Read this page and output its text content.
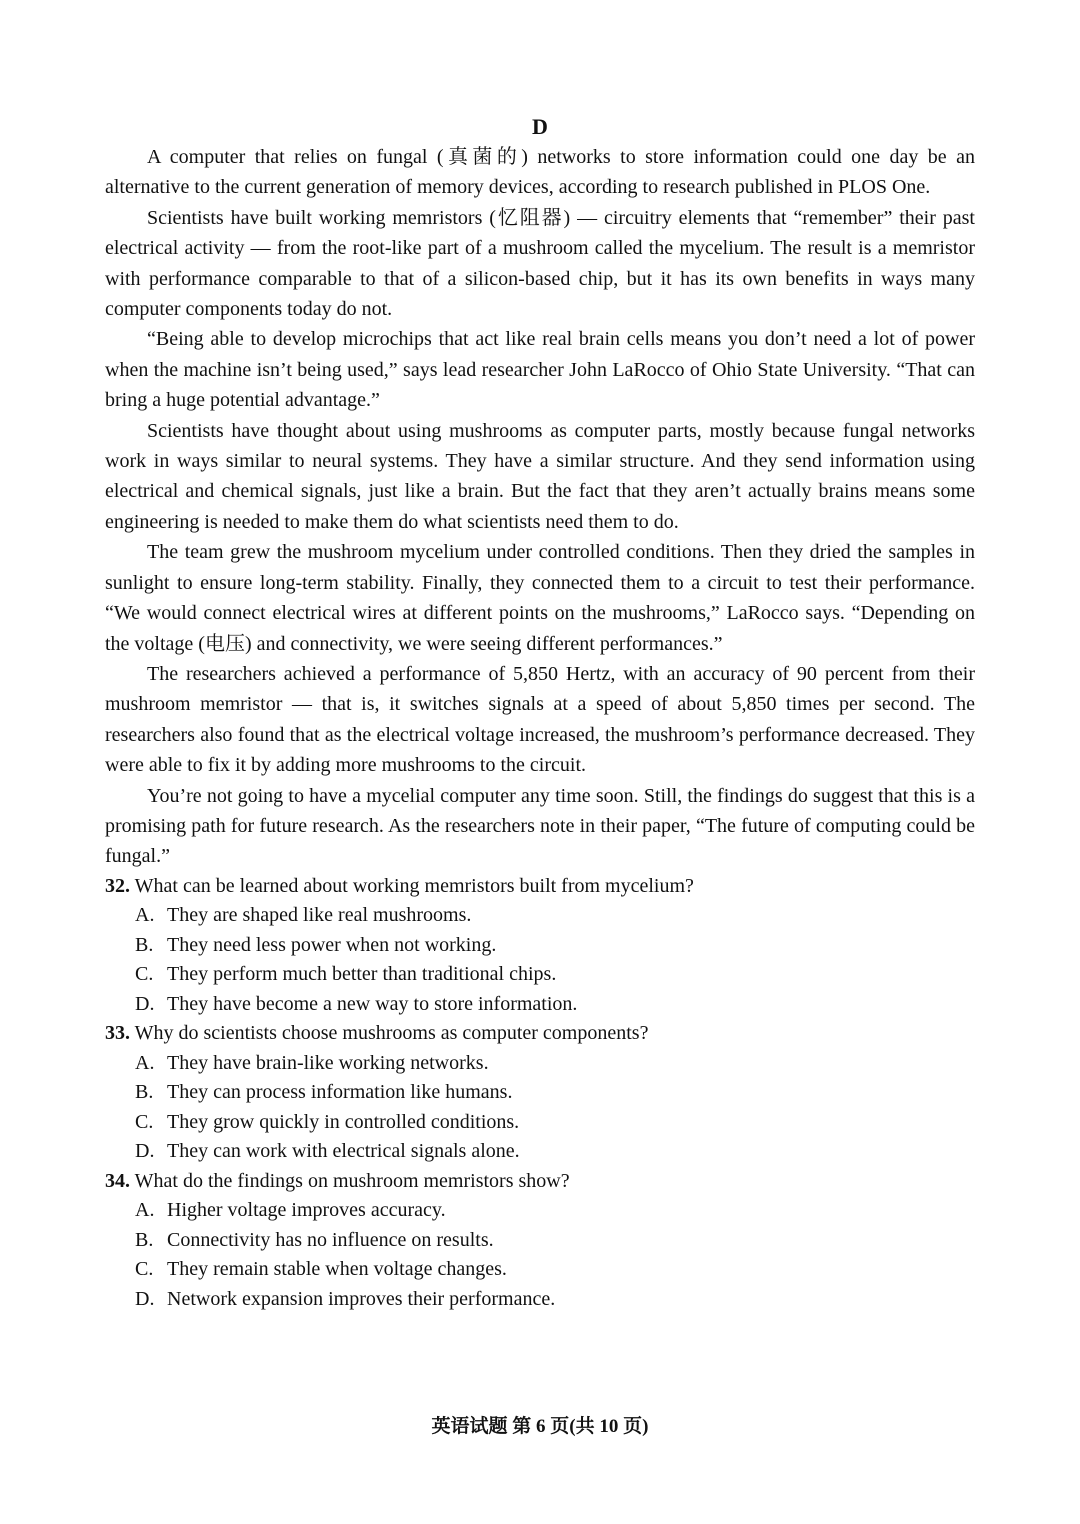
D

A computer that relies on fungal (真菌的) networks to store information could one day be an alternative to the current generation of memory devices, according to research published in PLOS One.

Scientists have built working memristors (忆阻器) — circuitry elements that “remember” their past electrical activity — from the root-like part of a mushroom called the mycelium. The result is a memristor with performance comparable to that of a silicon-based chip, but it has its own benefits in ways many computer components today do not.

“Being able to develop microchips that act like real brain cells means you don’t need a lot of power when the machine isn’t being used,” says lead researcher John LaRocco of Ohio State University. “That can bring a huge potential advantage.”

Scientists have thought about using mushrooms as computer parts, mostly because fungal networks work in ways similar to neural systems. They have a similar structure. And they send information using electrical and chemical signals, just like a brain. But the fact that they aren’t actually brains means some engineering is needed to make them do what scientists need them to do.

The team grew the mushroom mycelium under controlled conditions. Then they dried the samples in sunlight to ensure long-term stability. Finally, they connected them to a circuit to test their performance. “We would connect electrical wires at different points on the mushrooms,” LaRocco says. “Depending on the voltage (电压) and connectivity, we were seeing different performances.”

The researchers achieved a performance of 5,850 Hertz, with an accuracy of 90 percent from their mushroom memristor — that is, it switches signals at a speed of about 5,850 times per second. The researchers also found that as the electrical voltage increased, the mushroom’s performance decreased. They were able to fix it by adding more mushrooms to the circuit.

You’re not going to have a mycelial computer any time soon. Still, the findings do suggest that this is a promising path for future research. As the researchers note in their paper, “The future of computing could be fungal.”

32. What can be learned about working memristors built from mycelium?

A. They are shaped like real mushrooms.
B. They need less power when not working.
C. They perform much better than traditional chips.
D. They have become a new way to store information.

33. Why do scientists choose mushrooms as computer components?

A. They have brain-like working networks.
B. They can process information like humans.
C. They grow quickly in controlled conditions.
D. They can work with electrical signals alone.

34. What do the findings on mushroom memristors show?

A. Higher voltage improves accuracy.
B. Connectivity has no influence on results.
C. They remain stable when voltage changes.
D. Network expansion improves their performance.
英语试题 第 6 页(共 10 页)
